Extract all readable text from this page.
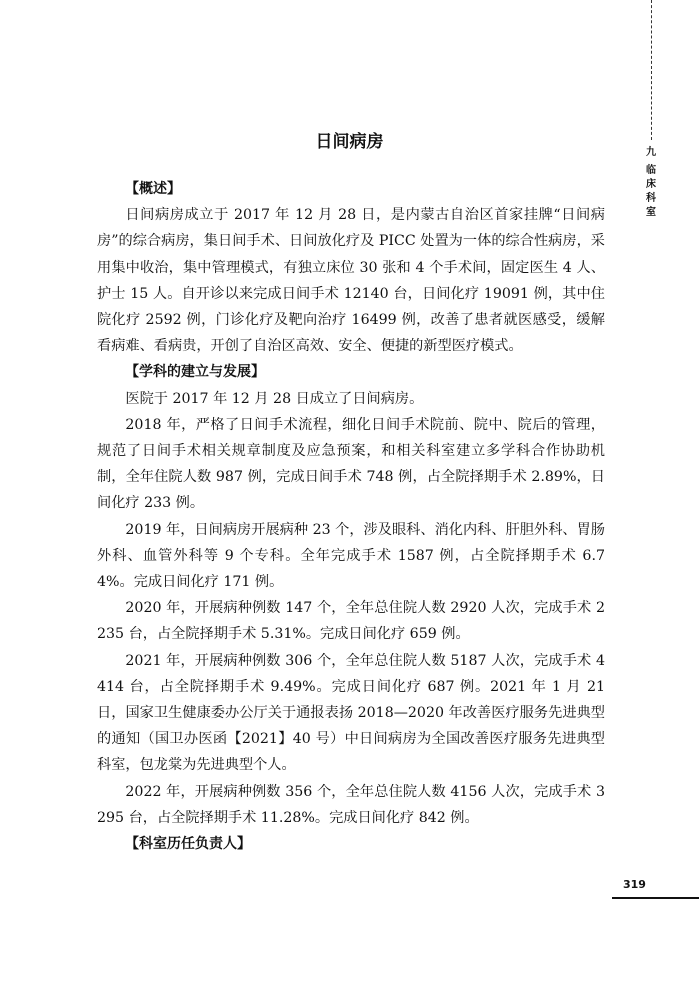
九
临床科室
日间病房

【概述】

日间病房成立于 2017 年 12 月 28 日，是内蒙古自治区首家挂牌“日间病房”的综合病房，集日间手术、日间放化疗及 PICC 处置为一体的综合性病房，采用集中收治，集中管理模式，有独立床位 30 张和 4 个手术间，固定医生 4 人、护士 15 人。自开诊以来完成日间手术 12140 台，日间化疗 19091 例，其中住院化疗 2592 例，门诊化疗及靶向治疗 16499 例，改善了患者就医感受，缓解看病难、看病贵，开创了自治区高效、安全、便捷的新型医疗模式。

【学科的建立与发展】

医院于 2017 年 12 月 28 日成立了日间病房。

2018 年，严格了日间手术流程，细化日间手术院前、院中、院后的管理，规范了日间手术相关规章制度及应急预案，和相关科室建立多学科合作协助机制，全年住院人数 987 例，完成日间手术 748 例，占全院择期手术 2.89%，日间化疗 233 例。

2019 年，日间病房开展病种 23 个，涉及眼科、消化内科、肝胆外科、胃肠外科、血管外科等 9 个专科。全年完成手术 1587 例，占全院择期手术 6.74%。完成日间化疗 171 例。

2020 年，开展病种例数 147 个，全年总住院人数 2920 人次，完成手术 2235 台，占全院择期手术 5.31%。完成日间化疗 659 例。

2021 年，开展病种例数 306 个，全年总住院人数 5187 人次，完成手术 4414 台，占全院择期手术 9.49%。完成日间化疗 687 例。2021 年 1 月 21 日，国家卫生健康委办公厅关于通报表扬 2018—2020 年改善医疗服务先进典型的通知（国卫办医函【2021】40 号）中日间病房为全国改善医疗服务先进典型科室，包龙棠为先进典型个人。

2022 年，开展病种例数 356 个，全年总住院人数 4156 人次，完成手术 3295 台，占全院择期手术 11.28%。完成日间化疗 842 例。

【科室历任负责人】

319
